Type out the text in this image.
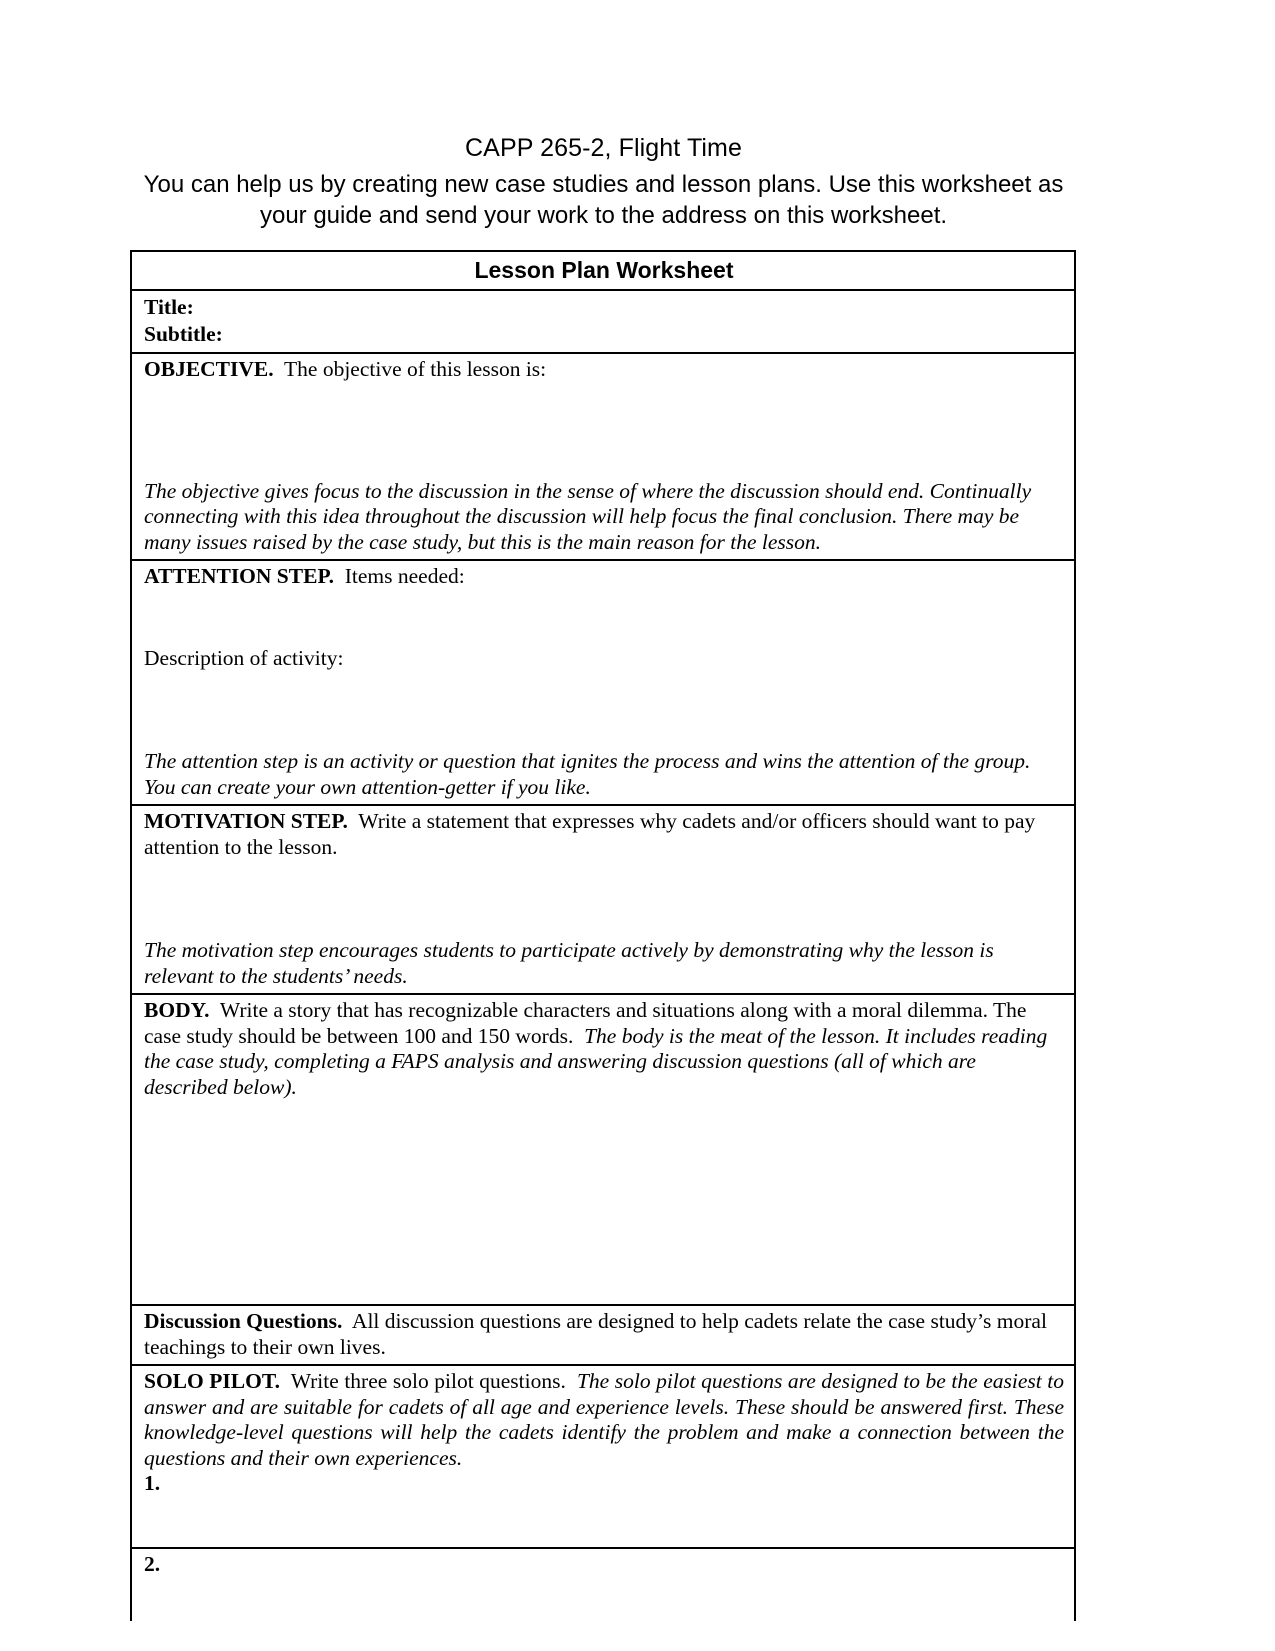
CAPP 265-2, Flight Time
You can help us by creating new case studies and lesson plans. Use this worksheet as your guide and send your work to the address on this worksheet.
Lesson Plan Worksheet
Title:
Subtitle:
OBJECTIVE. The objective of this lesson is:
The objective gives focus to the discussion in the sense of where the discussion should end. Continually connecting with this idea throughout the discussion will help focus the final conclusion. There may be many issues raised by the case study, but this is the main reason for the lesson.
ATTENTION STEP. Items needed:
Description of activity:
The attention step is an activity or question that ignites the process and wins the attention of the group. You can create your own attention-getter if you like.
MOTIVATION STEP. Write a statement that expresses why cadets and/or officers should want to pay attention to the lesson.
The motivation step encourages students to participate actively by demonstrating why the lesson is relevant to the students’ needs.
BODY. Write a story that has recognizable characters and situations along with a moral dilemma. The case study should be between 100 and 150 words. The body is the meat of the lesson. It includes reading the case study, completing a FAPS analysis and answering discussion questions (all of which are described below).
Discussion Questions. All discussion questions are designed to help cadets relate the case study’s moral teachings to their own lives.
SOLO PILOT. Write three solo pilot questions. The solo pilot questions are designed to be the easiest to answer and are suitable for cadets of all age and experience levels. These should be answered first. These knowledge-level questions will help the cadets identify the problem and make a connection between the questions and their own experiences.
1.
2.
